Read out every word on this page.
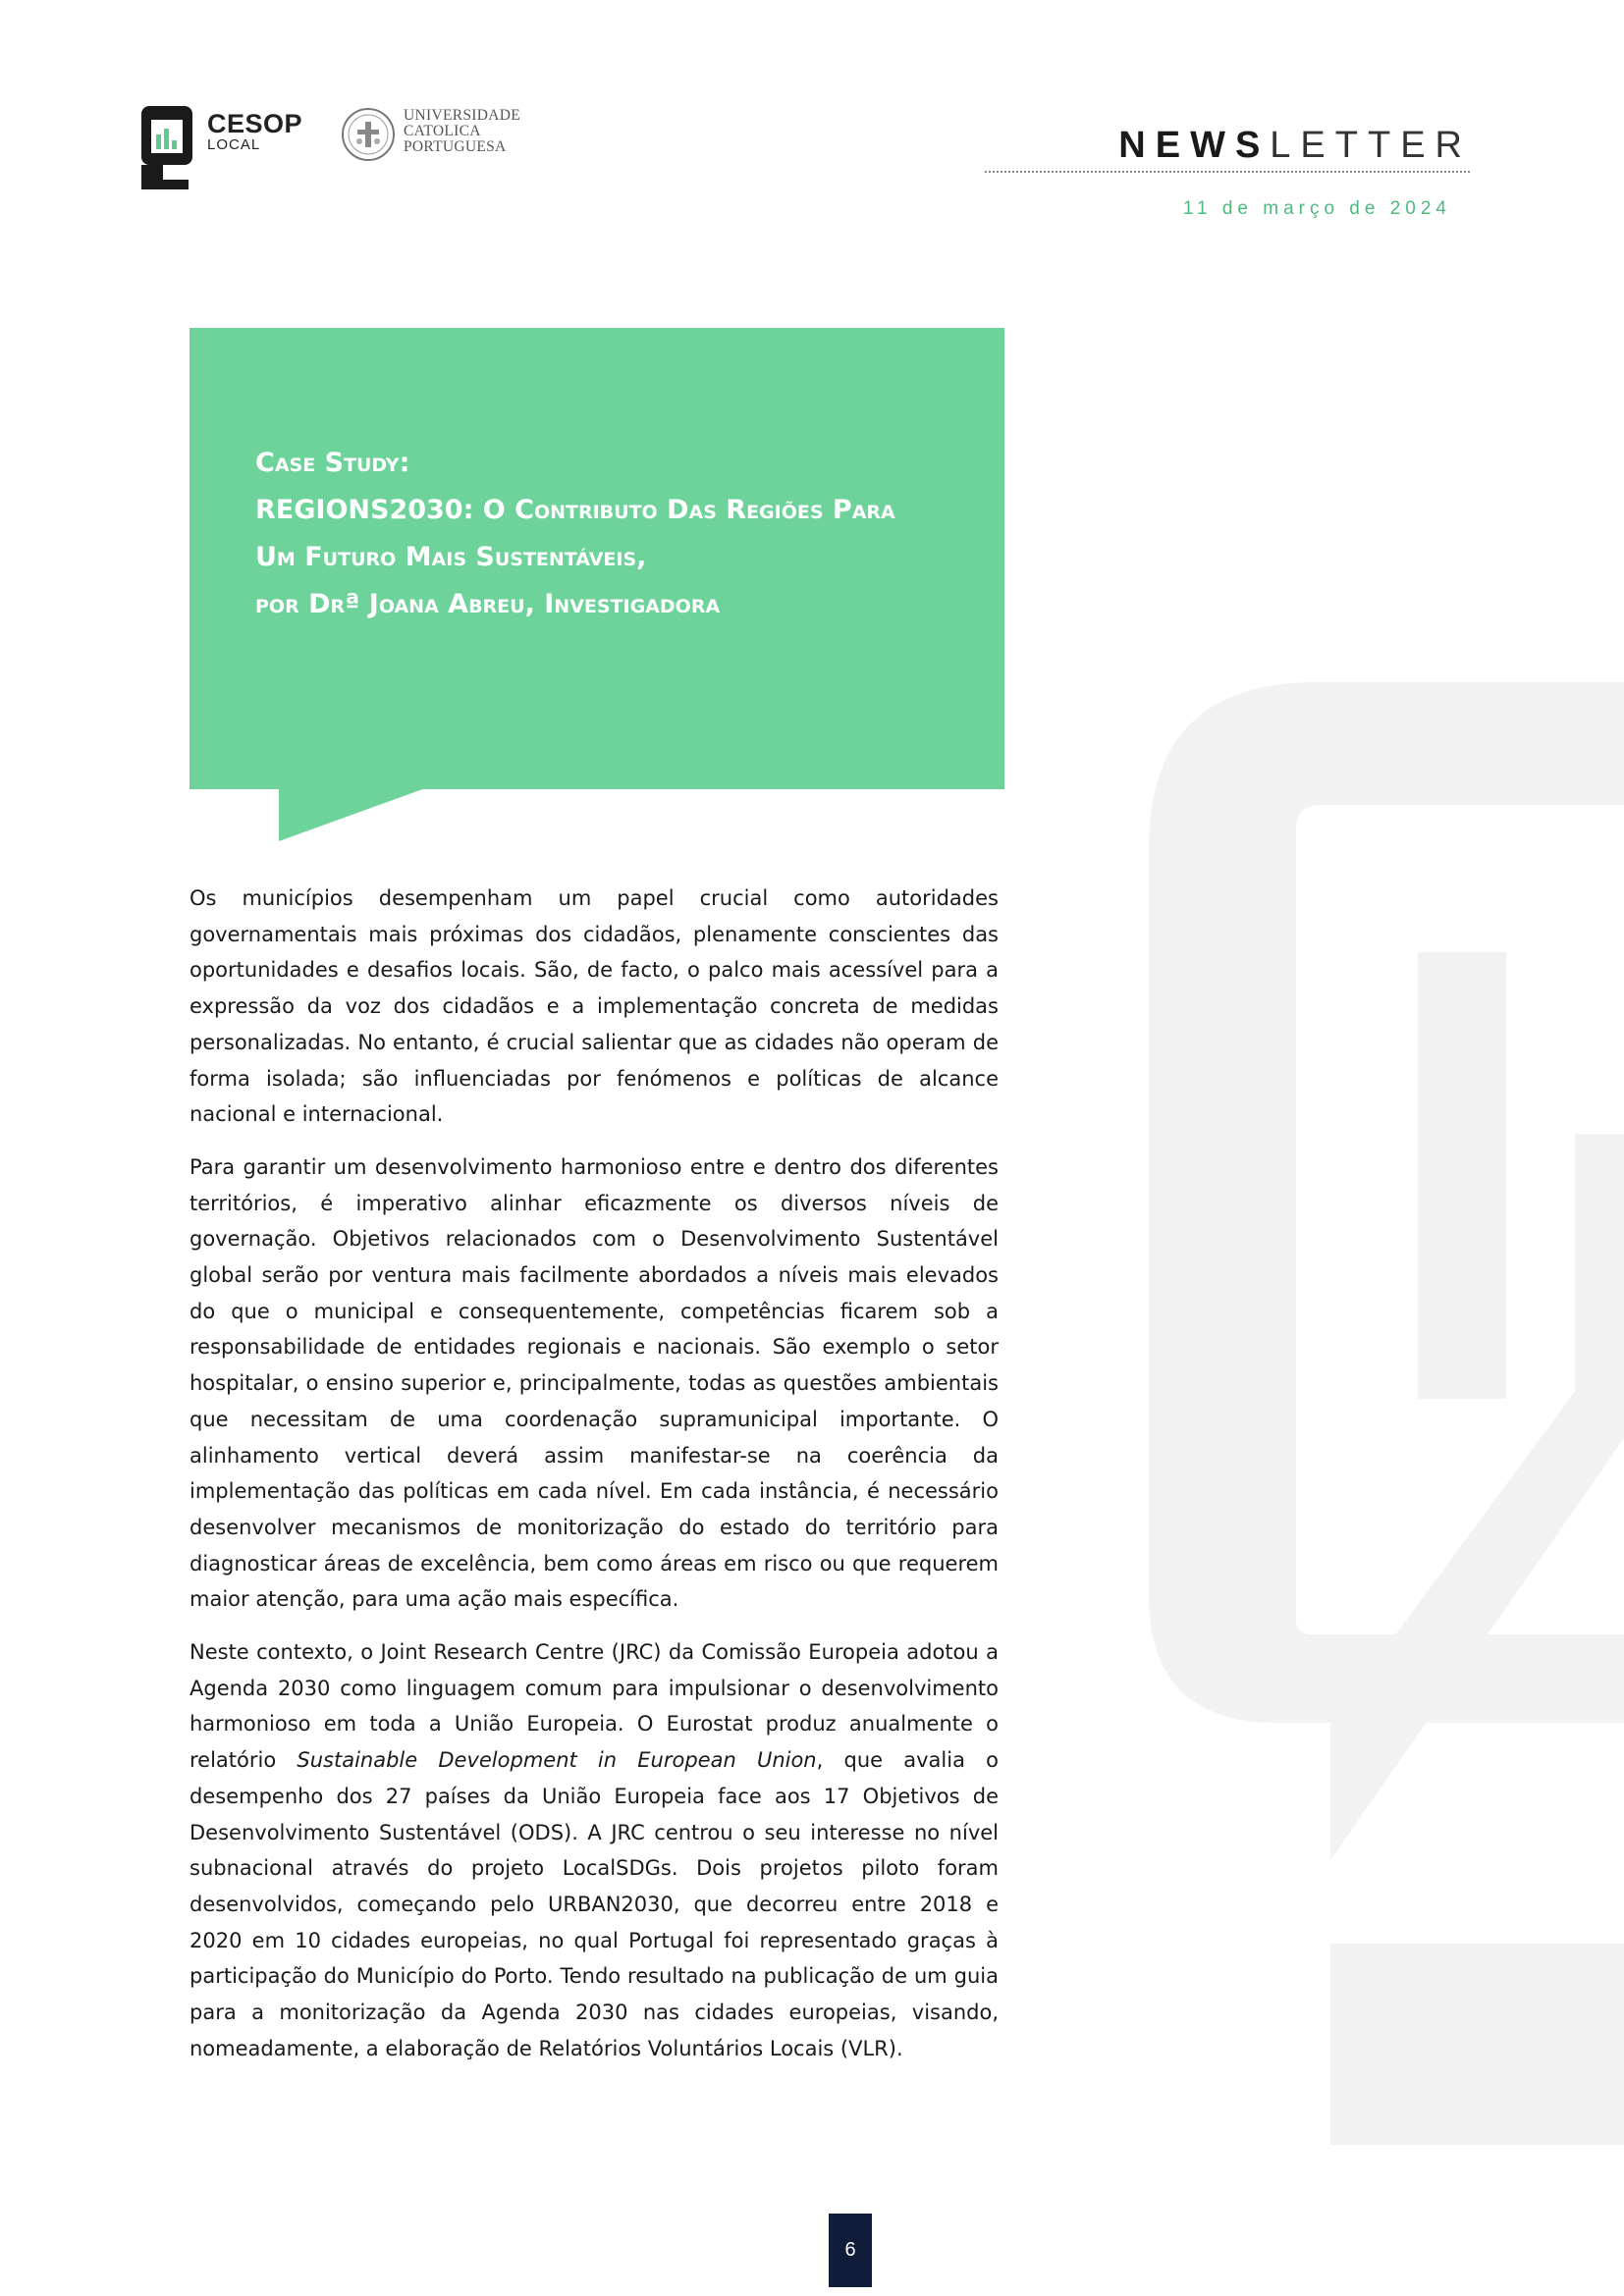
CESOP
LOCAL
UNIVERSIDADE
CATOLICA
PORTUGUESA	NEWSLETTER
11 de março de 2024
Case Study:
REGIONS2030: O Contributo Das Regiões Para
Um Futuro Mais Sustentáveis,
por Drª Joana Abreu, Investigadora

Os municípios desempenham um papel crucial como autoridades governamentais mais próximas dos cidadãos, plenamente conscientes das oportunidades e desafios locais. São, de facto, o palco mais acessível para a expressão da voz dos cidadãos e a implementação concreta de medidas personalizadas. No entanto, é crucial salientar que as cidades não operam de forma isolada; são influenciadas por fenómenos e políticas de alcance nacional e internacional.

Para garantir um desenvolvimento harmonioso entre e dentro dos diferentes territórios, é imperativo alinhar eficazmente os diversos níveis de governação. Objetivos relacionados com o Desenvolvimento Sustentável global serão por ventura mais facilmente abordados a níveis mais elevados do que o municipal e consequentemente, competências ficarem sob a responsabilidade de entidades regionais e nacionais. São exemplo o setor hospitalar, o ensino superior e, principalmente, todas as questões ambientais que necessitam de uma coordenação supramunicipal importante. O alinhamento vertical deverá assim manifestar-se na coerência da implementação das políticas em cada nível. Em cada instância, é necessário desenvolver mecanismos de monitorização do estado do território para diagnosticar áreas de excelência, bem como áreas em risco ou que requerem maior atenção, para uma ação mais específica.

Neste contexto, o Joint Research Centre (JRC) da Comissão Europeia adotou a Agenda 2030 como linguagem comum para impulsionar o desenvolvimento harmonioso em toda a União Europeia. O Eurostat produz anualmente o relatório Sustainable Development in European Union, que avalia o desempenho dos 27 países da União Europeia face aos 17 Objetivos de Desenvolvimento Sustentável (ODS). A JRC centrou o seu interesse no nível subnacional através do projeto LocalSDGs. Dois projetos piloto foram desenvolvidos, começando pelo URBAN2030, que decorreu entre 2018 e 2020 em 10 cidades europeias, no qual Portugal foi representado graças à participação do Município do Porto. Tendo resultado na publicação de um guia para a monitorização da Agenda 2030 nas cidades europeias, visando, nomeadamente, a elaboração de Relatórios Voluntários Locais (VLR).

6
